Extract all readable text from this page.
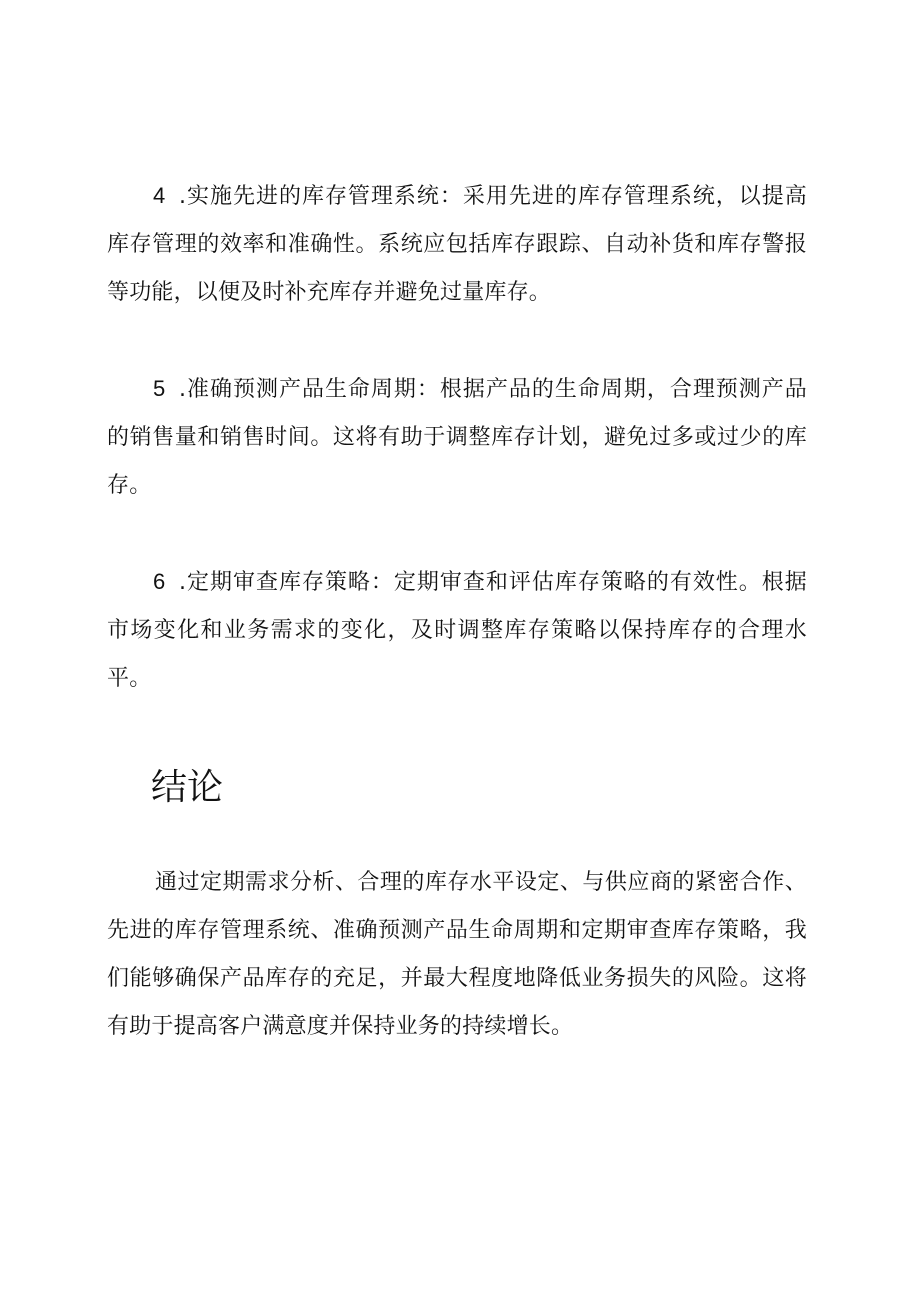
4 .实施先进的库存管理系统：采用先进的库存管理系统，以提高库存管理的效率和准确性。系统应包括库存跟踪、自动补货和库存警报等功能，以便及时补充库存并避免过量库存。

5 .准确预测产品生命周期：根据产品的生命周期，合理预测产品的销售量和销售时间。这将有助于调整库存计划，避免过多或过少的库存。

6 .定期审查库存策略：定期审查和评估库存策略的有效性。根据市场变化和业务需求的变化，及时调整库存策略以保持库存的合理水平。

结论

通过定期需求分析、合理的库存水平设定、与供应商的紧密合作、先进的库存管理系统、准确预测产品生命周期和定期审查库存策略，我们能够确保产品库存的充足，并最大程度地降低业务损失的风险。这将有助于提高客户满意度并保持业务的持续增长。
